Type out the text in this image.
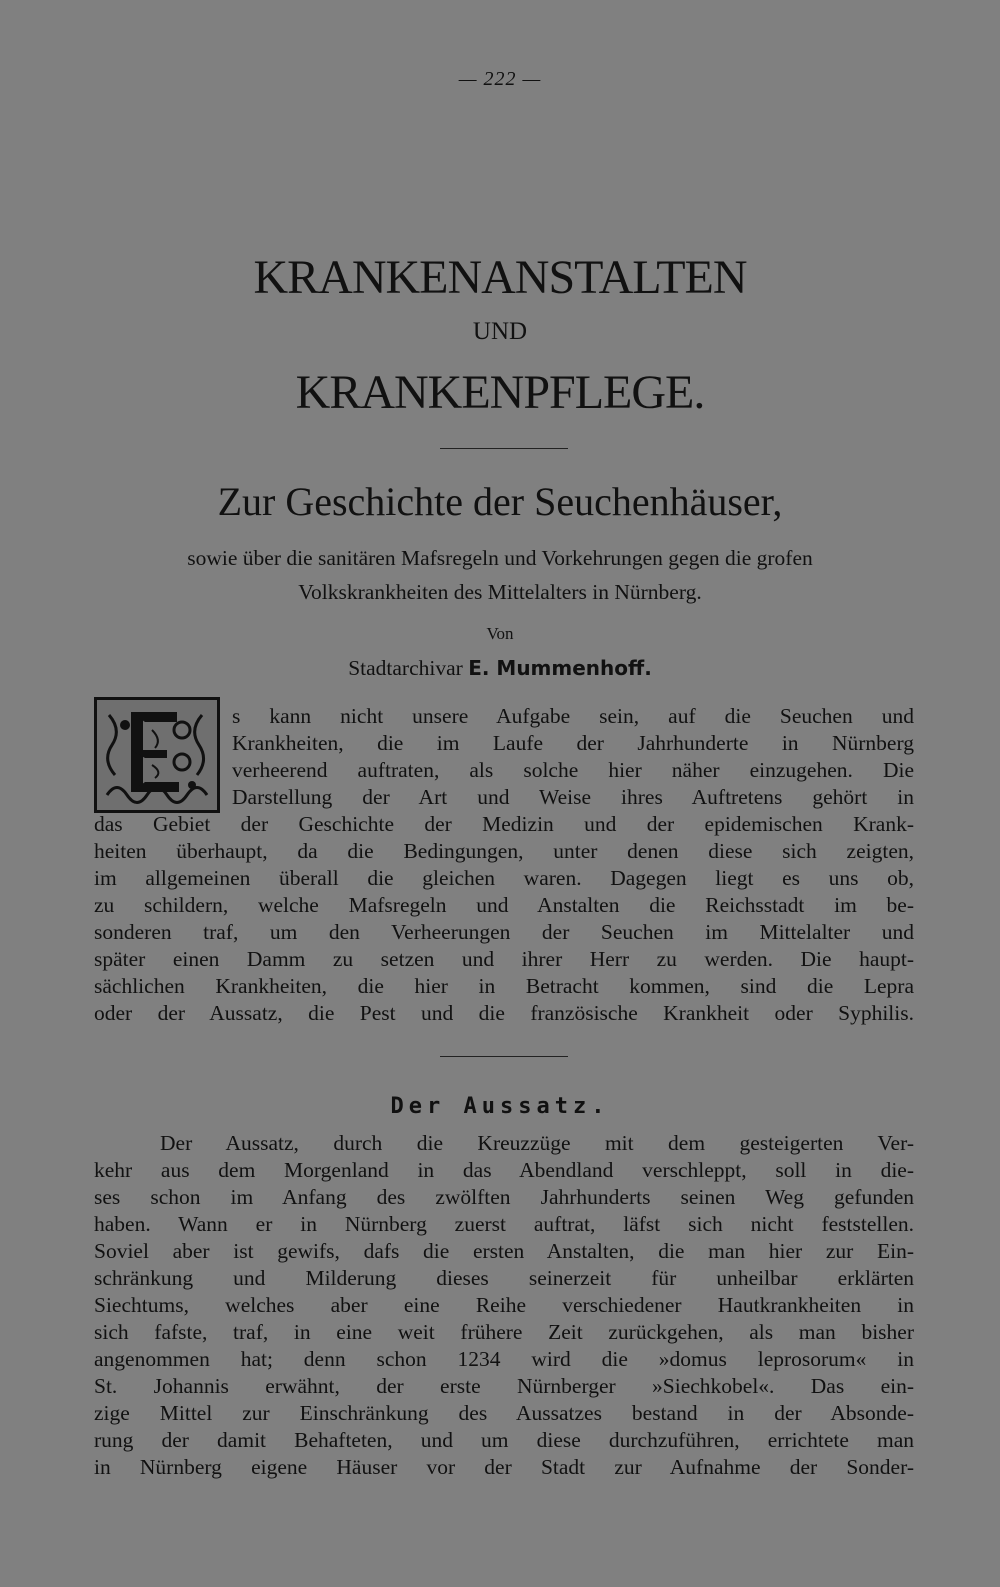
— 222 —
KRANKENANSTALTEN
UND
KRANKENPFLEGE.
Zur Geschichte der Seuchenhäuser,
sowie über die sanitären Mafsregeln und Vorkehrungen gegen die grofen
Volkskrankheiten des Mittelalters in Nürnberg.
Von
Stadtarchivar E. Mummenhoff.
s kann nicht unsere Aufgabe sein, auf die Seuchen und
Krankheiten, die im Laufe der Jahrhunderte in Nürnberg
verheerend auftraten, als solche hier näher einzugehen. Die
Darstellung der Art und Weise ihres Auftretens gehört in
das Gebiet der Geschichte der Medizin und der epidemischen Krank-
heiten überhaupt, da die Bedingungen, unter denen diese sich zeigten,
im allgemeinen überall die gleichen waren. Dagegen liegt es uns ob,
zu schildern, welche Mafsregeln und Anstalten die Reichsstadt im be-
sonderen traf, um den Verheerungen der Seuchen im Mittelalter und
später einen Damm zu setzen und ihrer Herr zu werden. Die haupt-
sächlichen Krankheiten, die hier in Betracht kommen, sind die Lepra
oder der Aussatz, die Pest und die französische Krankheit oder Syphilis.
Der Aussatz.
Der Aussatz, durch die Kreuzzüge mit dem gesteigerten Ver-
kehr aus dem Morgenland in das Abendland verschleppt, soll in die-
ses schon im Anfang des zwölften Jahrhunderts seinen Weg gefunden
haben. Wann er in Nürnberg zuerst auftrat, läfst sich nicht feststellen.
Soviel aber ist gewifs, dafs die ersten Anstalten, die man hier zur Ein-
schränkung und Milderung dieses seinerzeit für unheilbar erklärten
Siechtums, welches aber eine Reihe verschiedener Hautkrankheiten in
sich fafste, traf, in eine weit frühere Zeit zurückgehen, als man bisher
angenommen hat; denn schon 1234 wird die »domus leprosorum« in
St. Johannis erwähnt, der erste Nürnberger »Siechkobel«. Das ein-
zige Mittel zur Einschränkung des Aussatzes bestand in der Absonde-
rung der damit Behafteten, und um diese durchzuführen, errichtete man
in Nürnberg eigene Häuser vor der Stadt zur Aufnahme der Sonder-
